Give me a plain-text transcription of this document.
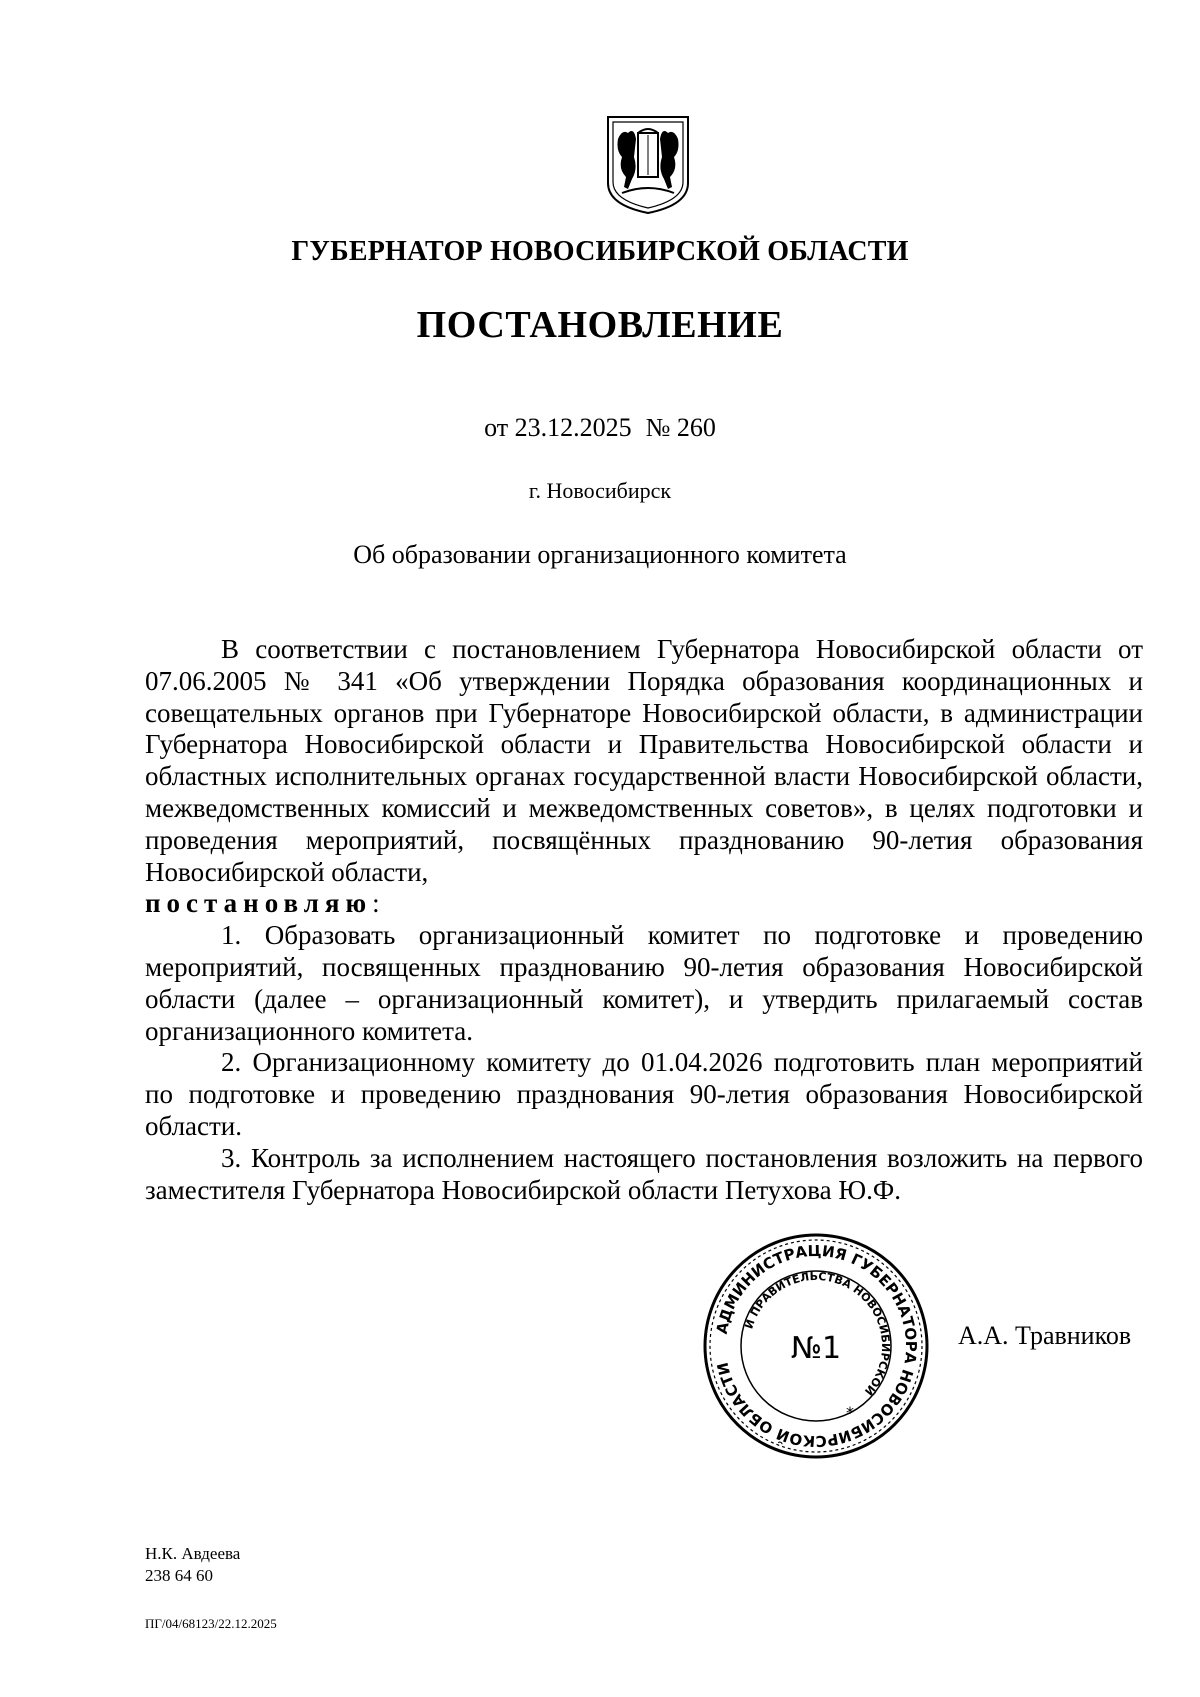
ГУБЕРНАТОР НОВОСИБИРСКОЙ ОБЛАСТИ
ПОСТАНОВЛЕНИЕ
от 23.12.2025 № 260
г. Новосибирск
Об образовании организационного комитета

В соответствии с постановлением Губернатора Новосибирской области от 07.06.2005 № 341 «Об утверждении Порядка образования координационных и совещательных органов при Губернаторе Новосибирской области, в администрации Губернатора Новосибирской области и Правительства Новосибирской области и областных исполнительных органах государственной власти Новосибирской области, межведомственных комиссий и межведомственных советов», в целях подготовки и проведения мероприятий, посвящённых празднованию 90-летия образования Новосибирской области,
постановляю:

1. Образовать организационный комитет по подготовке и проведению мероприятий, посвященных празднованию 90-летия образования Новосибирской области (далее – организационный комитет), и утвердить прилагаемый состав организационного комитета.

2. Организационному комитету до 01.04.2026 подготовить план мероприятий по подготовке и проведению празднования 90-летия образования Новосибирской области.

3. Контроль за исполнением настоящего постановления возложить на первого заместителя Губернатора Новосибирской области Петухова Ю.Ф.

АДМИНИСТРАЦИЯ ГУБЕРНАТОРА НОВОСИБИРСКОЙ ОБЛАСТИ
И ПРАВИТЕЛЬСТВА НОВОСИБИРСКОЙ
№1
*
А.А. Травников
Н.К. Авдеева
238 64 60
ПГ/04/68123/22.12.2025
